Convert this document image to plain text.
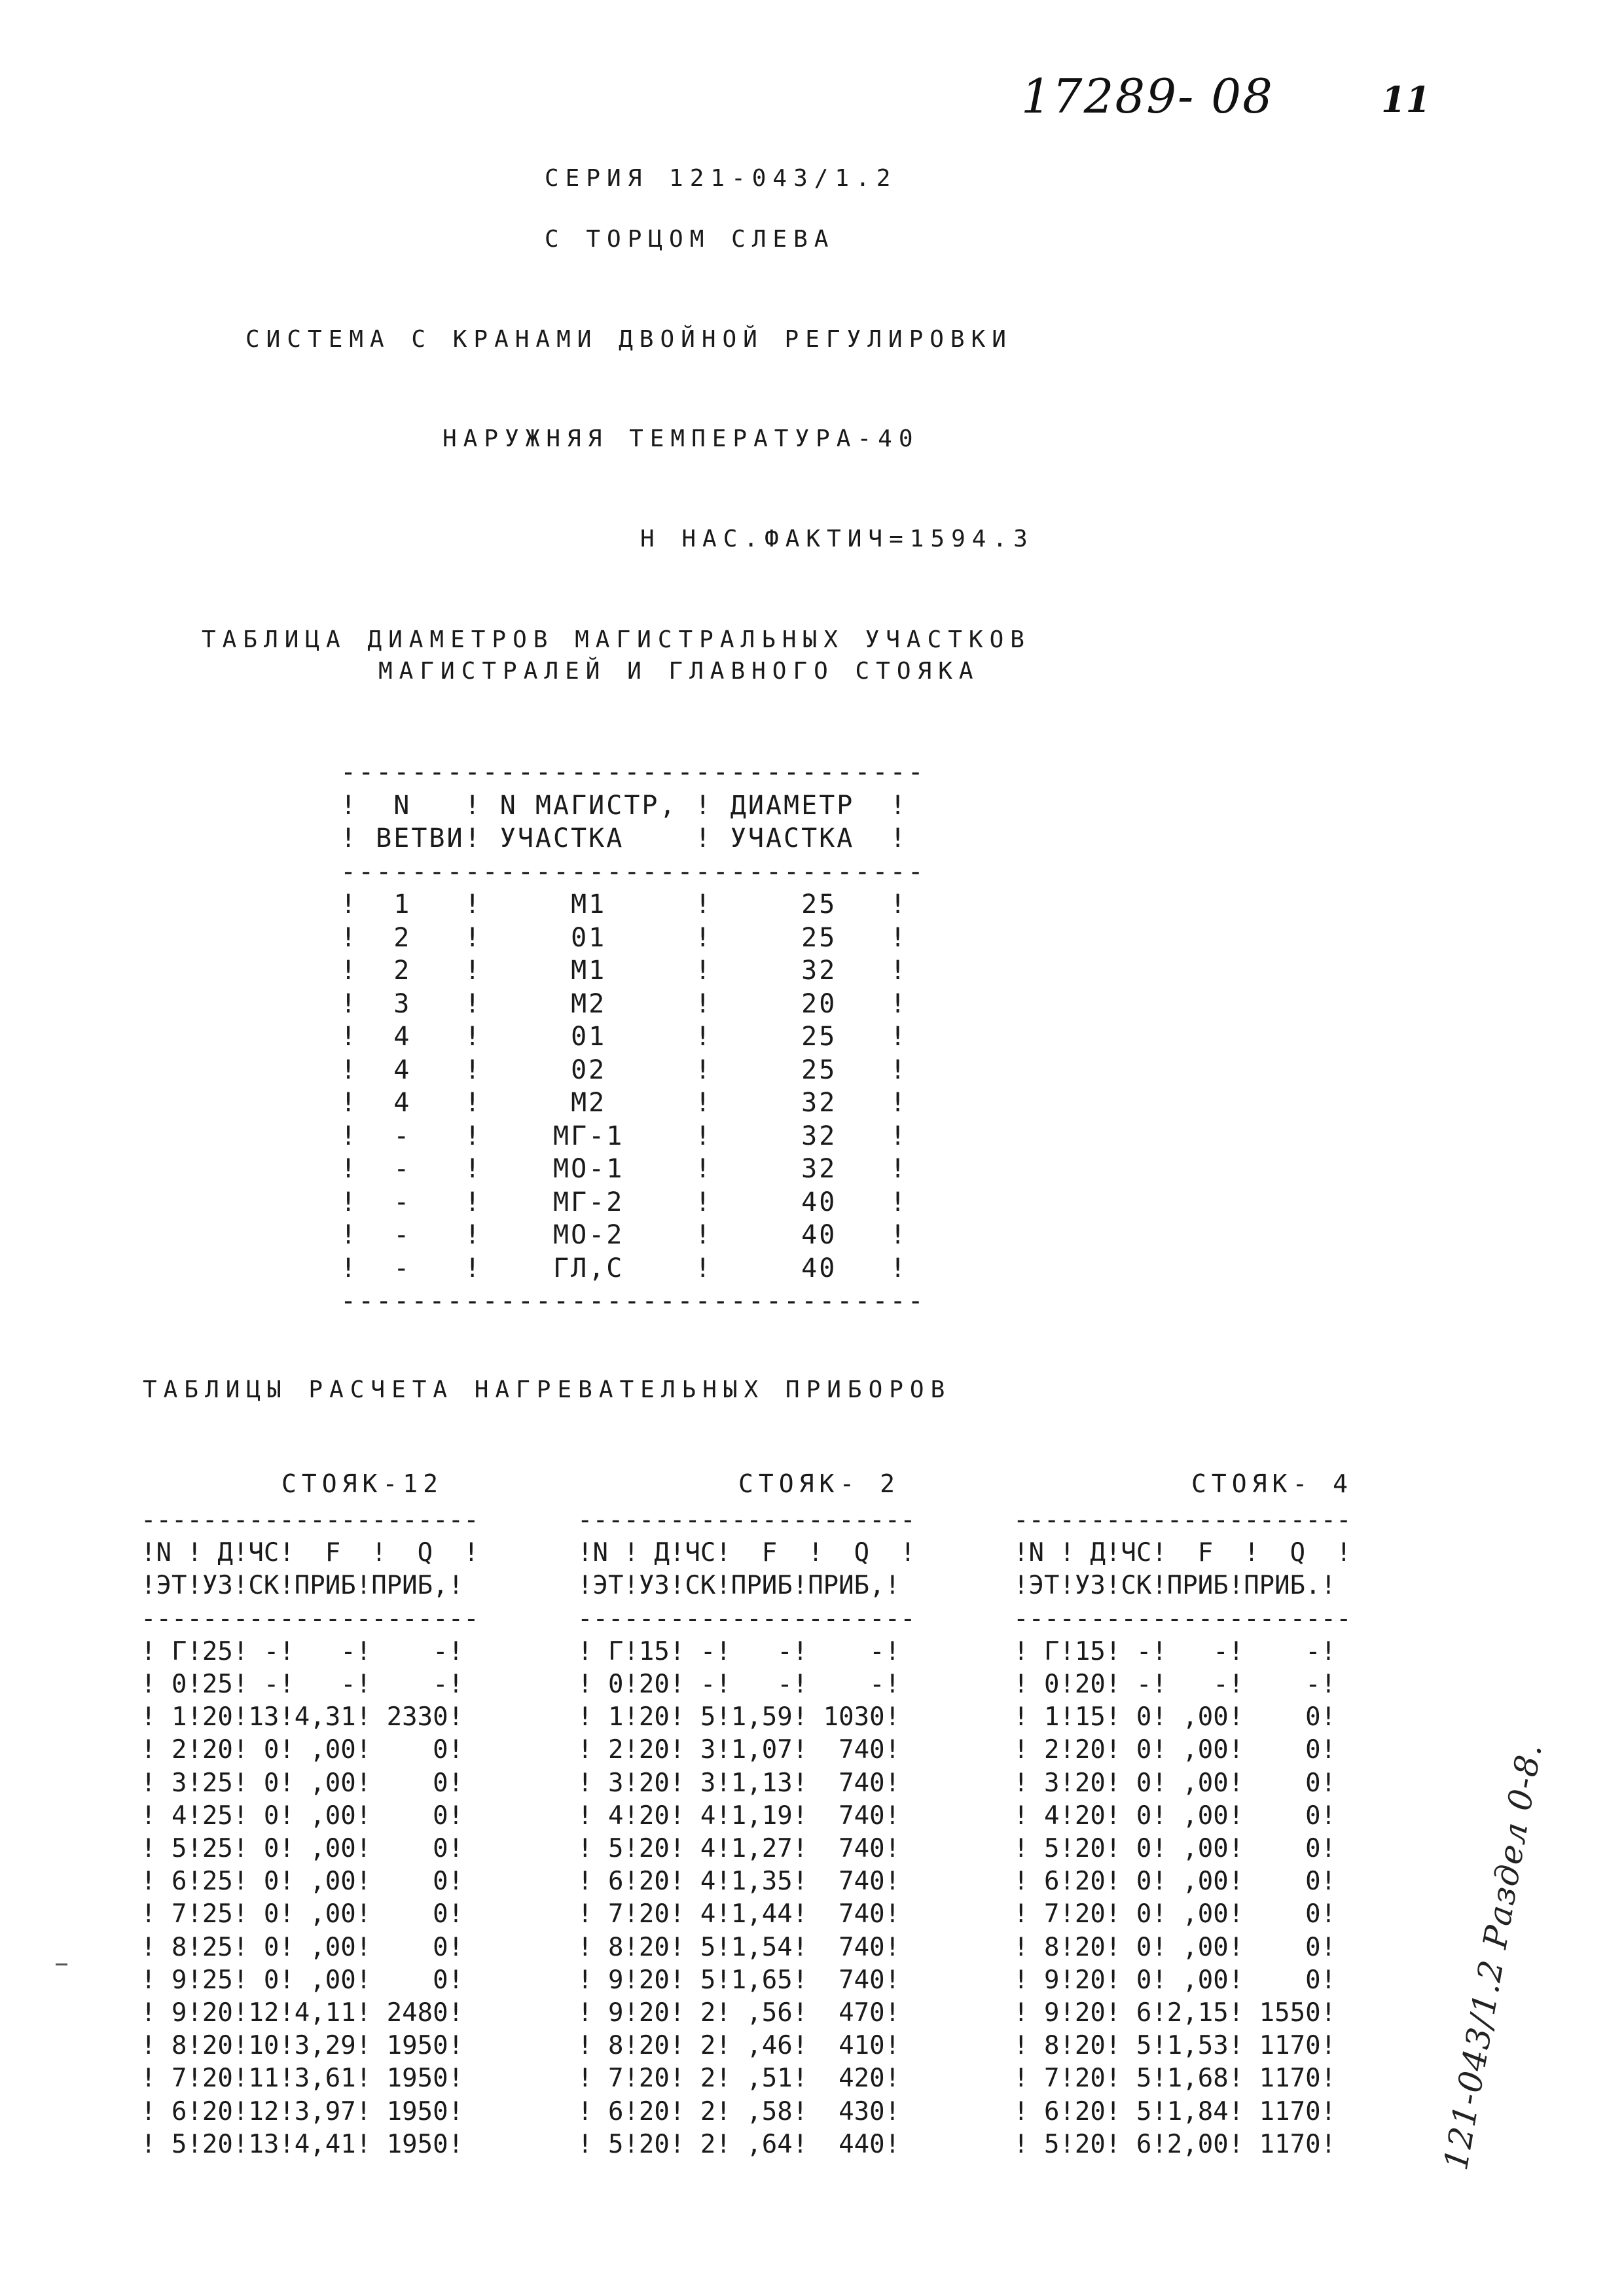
17289- 08	11
СЕРИЯ 121-043/1.2
С ТОРЦОМ СЛЕВА
СИСТЕМА С КРАНАМИ ДВОЙНОЙ РЕГУЛИРОВКИ
НАРУЖНЯЯ ТЕМПЕРАТУРА-40
Н НАС.ФАКТИЧ=1594.3
ТАБЛИЦА ДИАМЕТРОВ МАГИСТРАЛЬНЫХ УЧАСТКОВ
МАГИСТРАЛЕЙ И ГЛАВНОГО СТОЯКА
---------------------------------
!  N   ! N МАГИСТР, ! ДИАМЕТР  !
! ВЕТВИ! УЧАСТКА    ! УЧАСТКА  !
---------------------------------
!  1   !     М1     !     25   !
!  2   !     01     !     25   !
!  2   !     М1     !     32   !
!  3   !     М2     !     20   !
!  4   !     01     !     25   !
!  4   !     02     !     25   !
!  4   !     М2     !     32   !
!  -   !    МГ-1    !     32   !
!  -   !    МО-1    !     32   !
!  -   !    МГ-2    !     40   !
!  -   !    МО-2    !     40   !
!  -   !    ГЛ,С    !     40   !
---------------------------------
ТАБЛИЦЫ РАСЧЕТА НАГРЕВАТЕЛЬНЫХ ПРИБОРОВ
СТОЯК-12	СТОЯК- 2	СТОЯК- 4
----------------------
!N ! Д!ЧС!  F  !  Q  !
!ЭТ!УЗ!СК!ПРИБ!ПРИБ,!
----------------------
! Г!25! -!   -!    -!
! 0!25! -!   -!    -!
! 1!20!13!4,31! 2330!
! 2!20! 0! ,00!    0!
! 3!25! 0! ,00!    0!
! 4!25! 0! ,00!    0!
! 5!25! 0! ,00!    0!
! 6!25! 0! ,00!    0!
! 7!25! 0! ,00!    0!
! 8!25! 0! ,00!    0!
! 9!25! 0! ,00!    0!
! 9!20!12!4,11! 2480!
! 8!20!10!3,29! 1950!
! 7!20!11!3,61! 1950!
! 6!20!12!3,97! 1950!
! 5!20!13!4,41! 1950!

----------------------
!N ! Д!ЧС!  F  !  Q  !
!ЭТ!УЗ!СК!ПРИБ!ПРИБ,!
----------------------
! Г!15! -!   -!    -!
! 0!20! -!   -!    -!
! 1!20! 5!1,59! 1030!
! 2!20! 3!1,07!  740!
! 3!20! 3!1,13!  740!
! 4!20! 4!1,19!  740!
! 5!20! 4!1,27!  740!
! 6!20! 4!1,35!  740!
! 7!20! 4!1,44!  740!
! 8!20! 5!1,54!  740!
! 9!20! 5!1,65!  740!
! 9!20! 2! ,56!  470!
! 8!20! 2! ,46!  410!
! 7!20! 2! ,51!  420!
! 6!20! 2! ,58!  430!
! 5!20! 2! ,64!  440!

----------------------
!N ! Д!ЧС!  F  !  Q  !
!ЭТ!УЗ!СК!ПРИБ!ПРИБ.!
----------------------
! Г!15! -!   -!    -!
! 0!20! -!   -!    -!
! 1!15! 0! ,00!    0!
! 2!20! 0! ,00!    0!
! 3!20! 0! ,00!    0!
! 4!20! 0! ,00!    0!
! 5!20! 0! ,00!    0!
! 6!20! 0! ,00!    0!
! 7!20! 0! ,00!    0!
! 8!20! 0! ,00!    0!
! 9!20! 0! ,00!    0!
! 9!20! 6!2,15! 1550!
! 8!20! 5!1,53! 1170!
! 7!20! 5!1,68! 1170!
! 6!20! 5!1,84! 1170!
! 5!20! 6!2,00! 1170!	121-043/1.2 Раздел 0-8.
